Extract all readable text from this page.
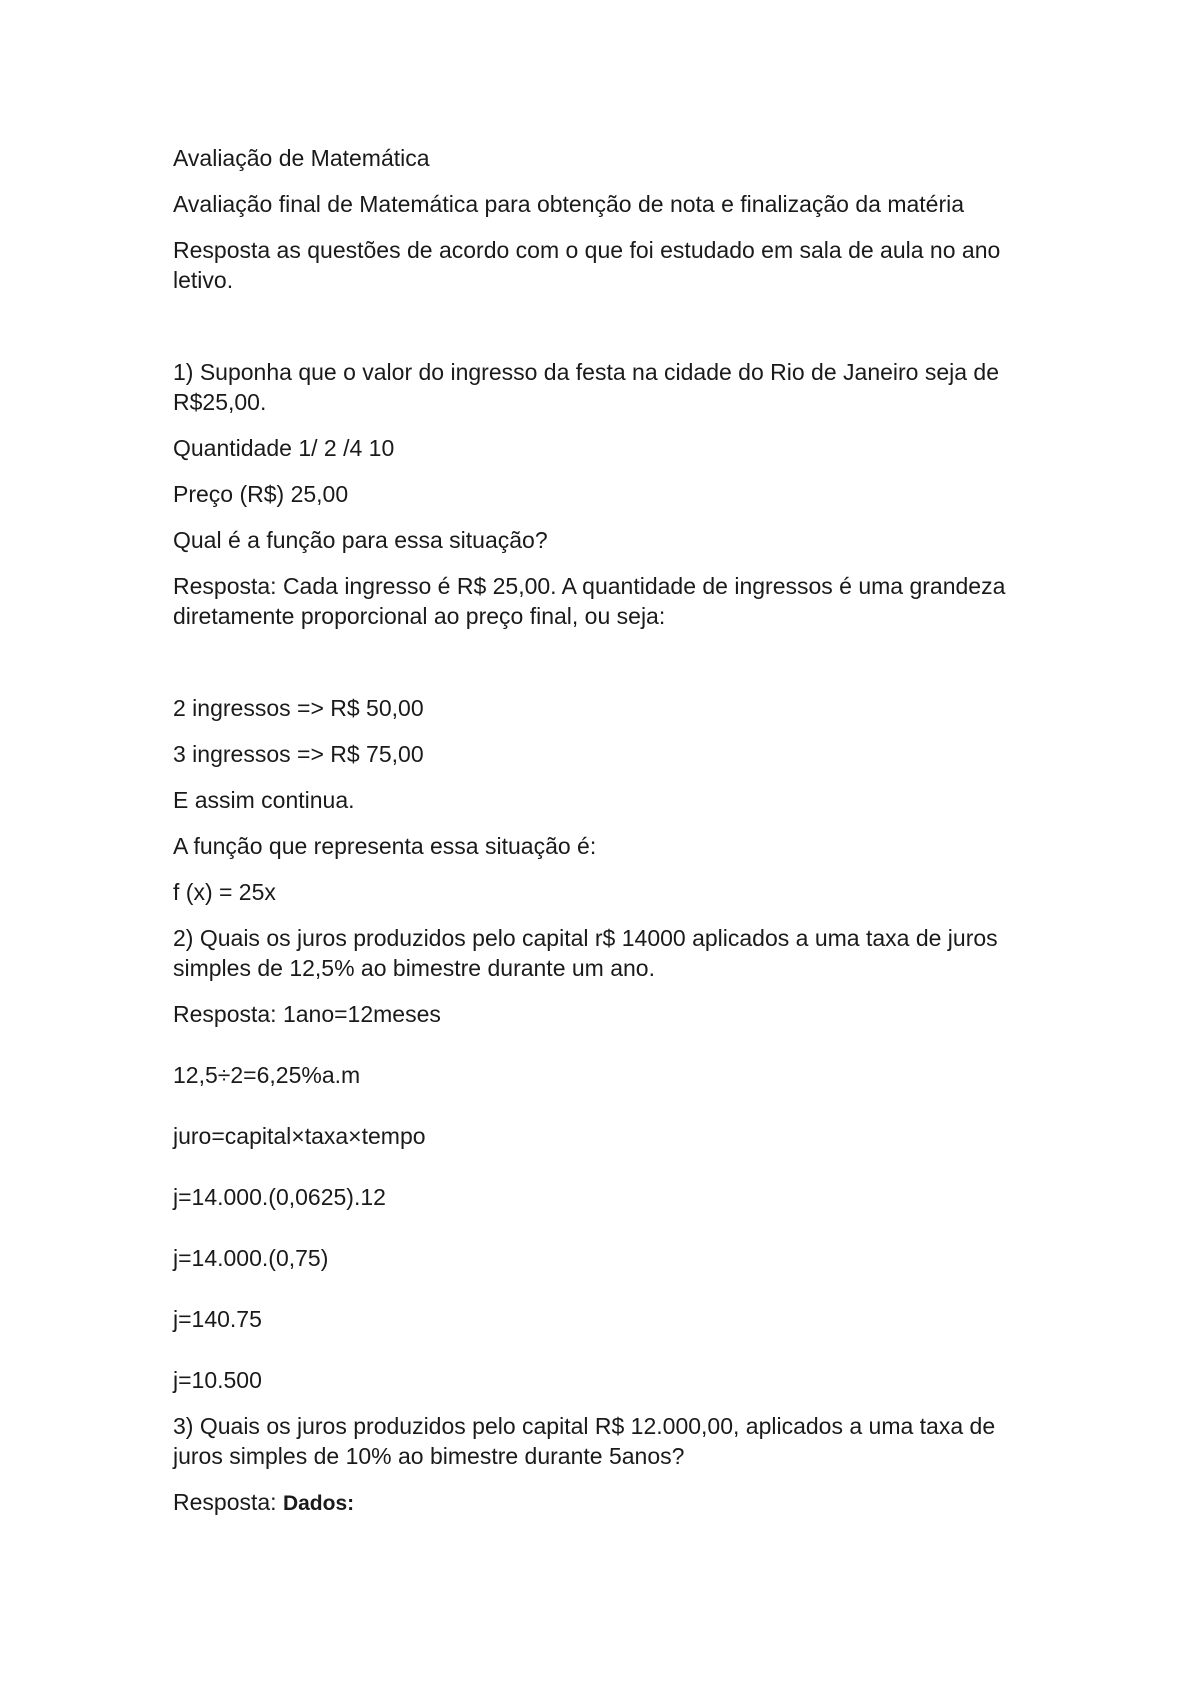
Avaliação de Matemática

Avaliação final de Matemática para obtenção de nota e finalização da matéria

Resposta as questões de acordo com o que foi estudado em sala de aula no ano letivo.

1) Suponha que o valor do ingresso da festa na cidade do Rio de Janeiro seja de R$25,00.

Quantidade 1/ 2 /4 10

Preço (R$) 25,00

Qual é a função para essa situação?

Resposta: Cada ingresso é R$ 25,00. A quantidade de ingressos é uma grandeza diretamente proporcional ao preço final, ou seja:

2 ingressos => R$ 50,00

3 ingressos => R$ 75,00

E assim continua.

A função que representa essa situação é:

f (x) = 25x

2) Quais os juros produzidos pelo capital r$ 14000 aplicados a uma taxa de juros simples de 12,5% ao bimestre durante um ano.

Resposta: 1ano=12meses

12,5÷2=6,25%a.m

juro=capital×taxa×tempo

j=14.000.(0,0625).12

j=14.000.(0,75)

j=140.75

j=10.500

3) Quais os juros produzidos pelo capital R$ 12.000,00, aplicados a uma taxa de juros simples de 10% ao bimestre durante 5anos?

Resposta: Dados:
